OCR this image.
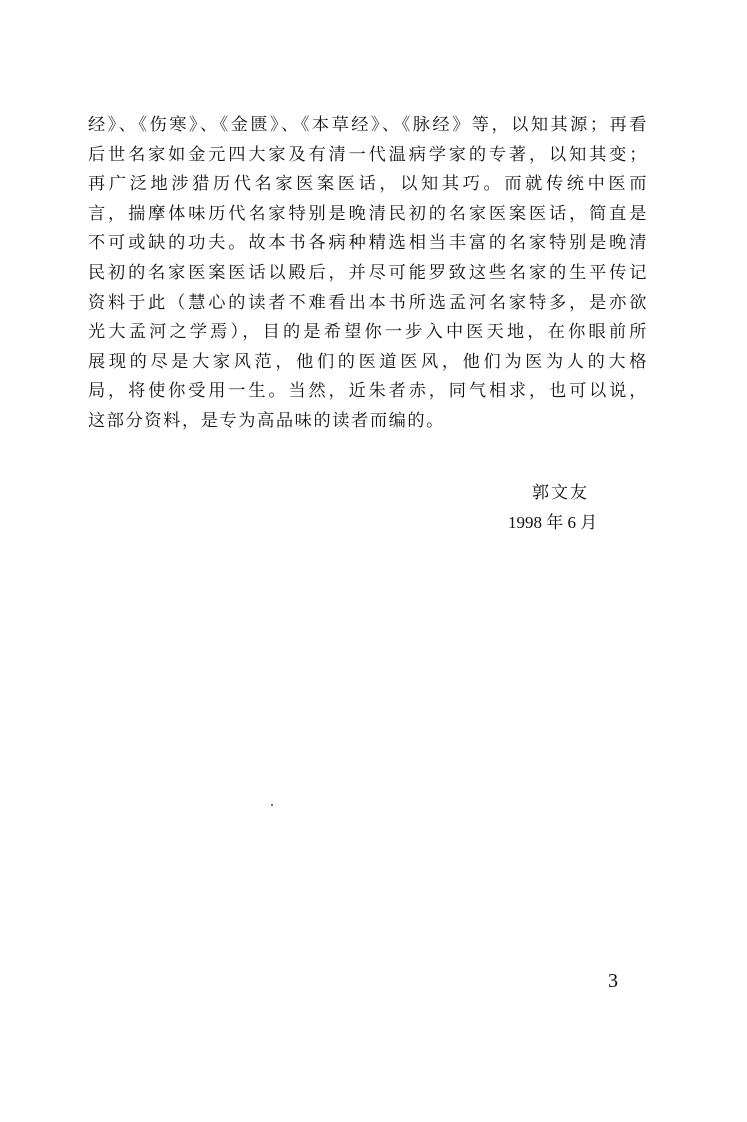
经》、《伤寒》、《金匮》、《本草经》、《脉经》等，以知其源；再看
后世名家如金元四大家及有清一代温病学家的专著，以知其变；
再广泛地涉猎历代名家医案医话，以知其巧。而就传统中医而
言，揣摩体味历代名家特别是晚清民初的名家医案医话，简直是
不可或缺的功夫。故本书各病种精选相当丰富的名家特别是晚清
民初的名家医案医话以殿后，并尽可能罗致这些名家的生平传记
资料于此（慧心的读者不难看出本书所选孟河名家特多，是亦欲
光大孟河之学焉），目的是希望你一步入中医天地，在你眼前所
展现的尽是大家风范，他们的医道医风，他们为医为人的大格
局，将使你受用一生。当然，近朱者赤，同气相求，也可以说，
这部分资料，是专为高品味的读者而编的。
郭文友
1998 年 6 月
3
